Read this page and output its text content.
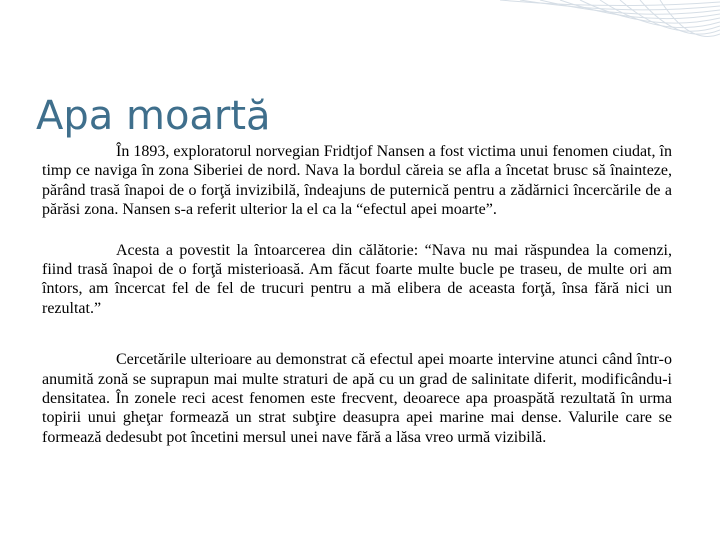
Apa moartă

În 1893, exploratorul norvegian Fridtjof Nansen a fost victima unui fenomen ciudat, în timp ce naviga în zona Siberiei de nord. Nava la bordul căreia se afla a încetat brusc să înainteze, părând trasă înapoi de o forţă invizibilă, îndeajuns de puternică pentru a zădărnici încercările de a părăsi zona. Nansen s-a referit ulterior la el ca la “efectul apei moarte”.

Acesta a povestit la întoarcerea din călătorie: “Nava nu mai răspundea la comenzi, fiind trasă înapoi de o forţă misterioasă. Am făcut foarte multe bucle pe traseu, de multe ori am întors, am încercat fel de fel de trucuri pentru a mă elibera de aceasta forţă, însa fără nici un rezultat.”

Cercetările ulterioare au demonstrat că efectul apei moarte intervine atunci când într-o anumită zonă se suprapun mai multe straturi de apă cu un grad de salinitate diferit, modificându-i densitatea. În zonele reci acest fenomen este frecvent, deoarece apa proaspătă rezultată în urma topirii unui gheţar formează un strat subţire deasupra apei marine mai dense. Valurile care se formează dedesubt pot încetini mersul unei nave fără a lăsa vreo urmă vizibilă.
